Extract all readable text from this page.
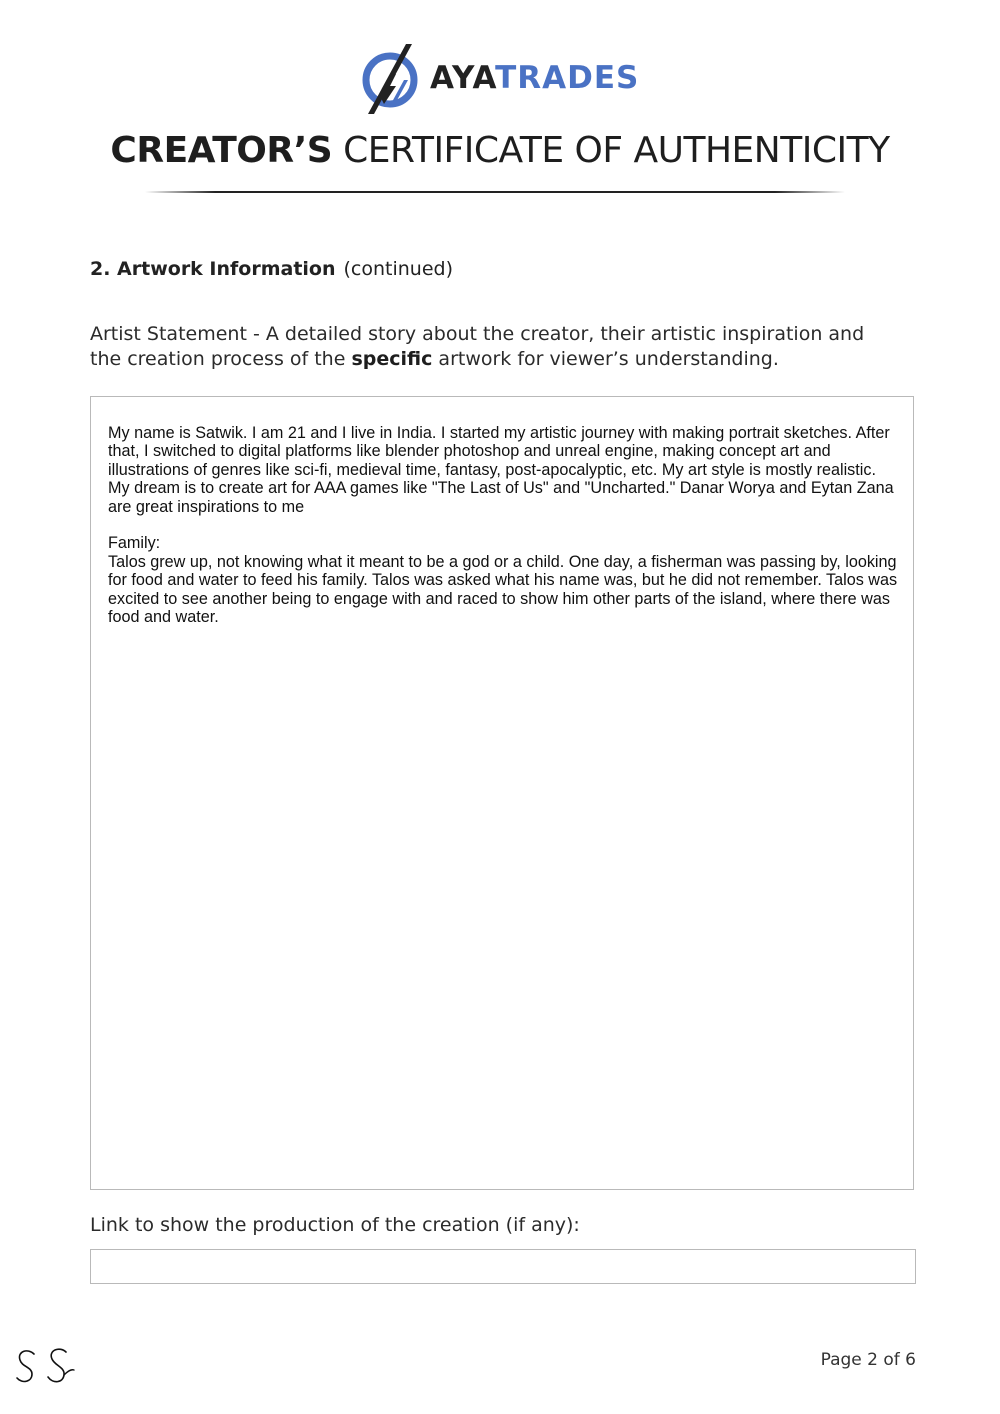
AYATRADES
CREATOR’S CERTIFICATE OF AUTHENTICITY
2. Artwork Information (continued)
Artist Statement - A detailed story about the creator, their artistic inspiration and the creation process of the specific artwork for viewer’s understanding.

My name is Satwik. I am 21 and I live in India. I started my artistic journey with making portrait sketches. After that, I switched to digital platforms like blender photoshop and unreal engine, making concept art and illustrations of genres like sci-fi, medieval time, fantasy, post-apocalyptic, etc. My art style is mostly realistic. My dream is to create art for AAA games like "The Last of Us" and "Uncharted." Danar Worya and Eytan Zana are great inspirations to me

Family:
Talos grew up, not knowing what it meant to be a god or a child. One day, a fisherman was passing by, looking for food and water to feed his family. Talos was asked what his name was, but he did not remember. Talos was excited to see another being to engage with and raced to show him other parts of the island, where there was food and water.

Link to show the production of the creation (if any):
Page 2 of 6
